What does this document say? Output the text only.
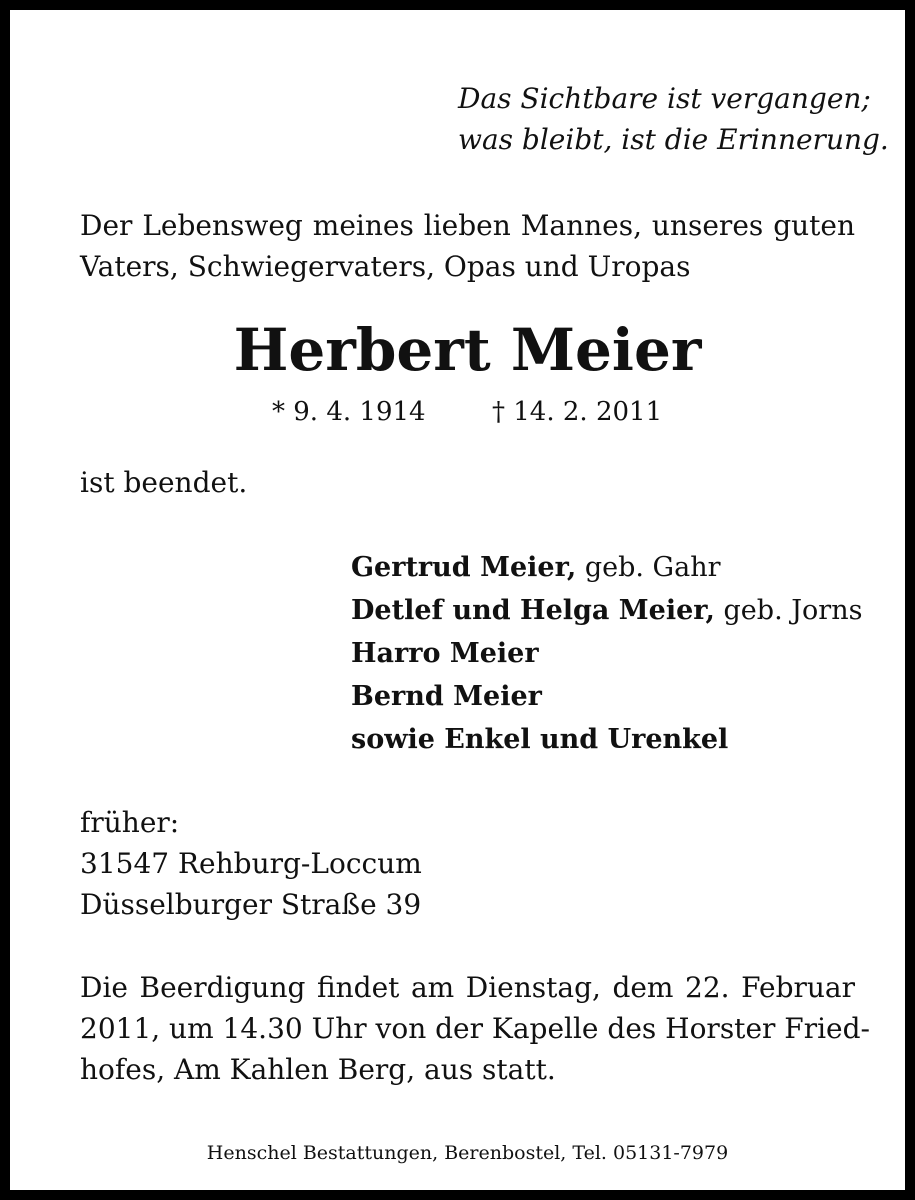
Das Sichtbare ist vergangen;
was bleibt, ist die Erinnerung.
Der Lebensweg meines lieben Mannes, unseres guten
Vaters, Schwiegervaters, Opas und Uropas
Herbert Meier
* 9. 4. 1914	† 14. 2. 2011
ist beendet.
Gertrud Meier, geb. Gahr
Detlef und Helga Meier, geb. Jorns
Harro Meier
Bernd Meier
sowie Enkel und Urenkel
früher:
31547 Rehburg-Loccum
Düsselburger Straße 39
Die Beerdigung findet am Dienstag, dem 22. Februar
2011, um 14.30 Uhr von der Kapelle des Horster Fried-
hofes, Am Kahlen Berg, aus statt.
Henschel Bestattungen, Berenbostel, Tel. 05131-7979
